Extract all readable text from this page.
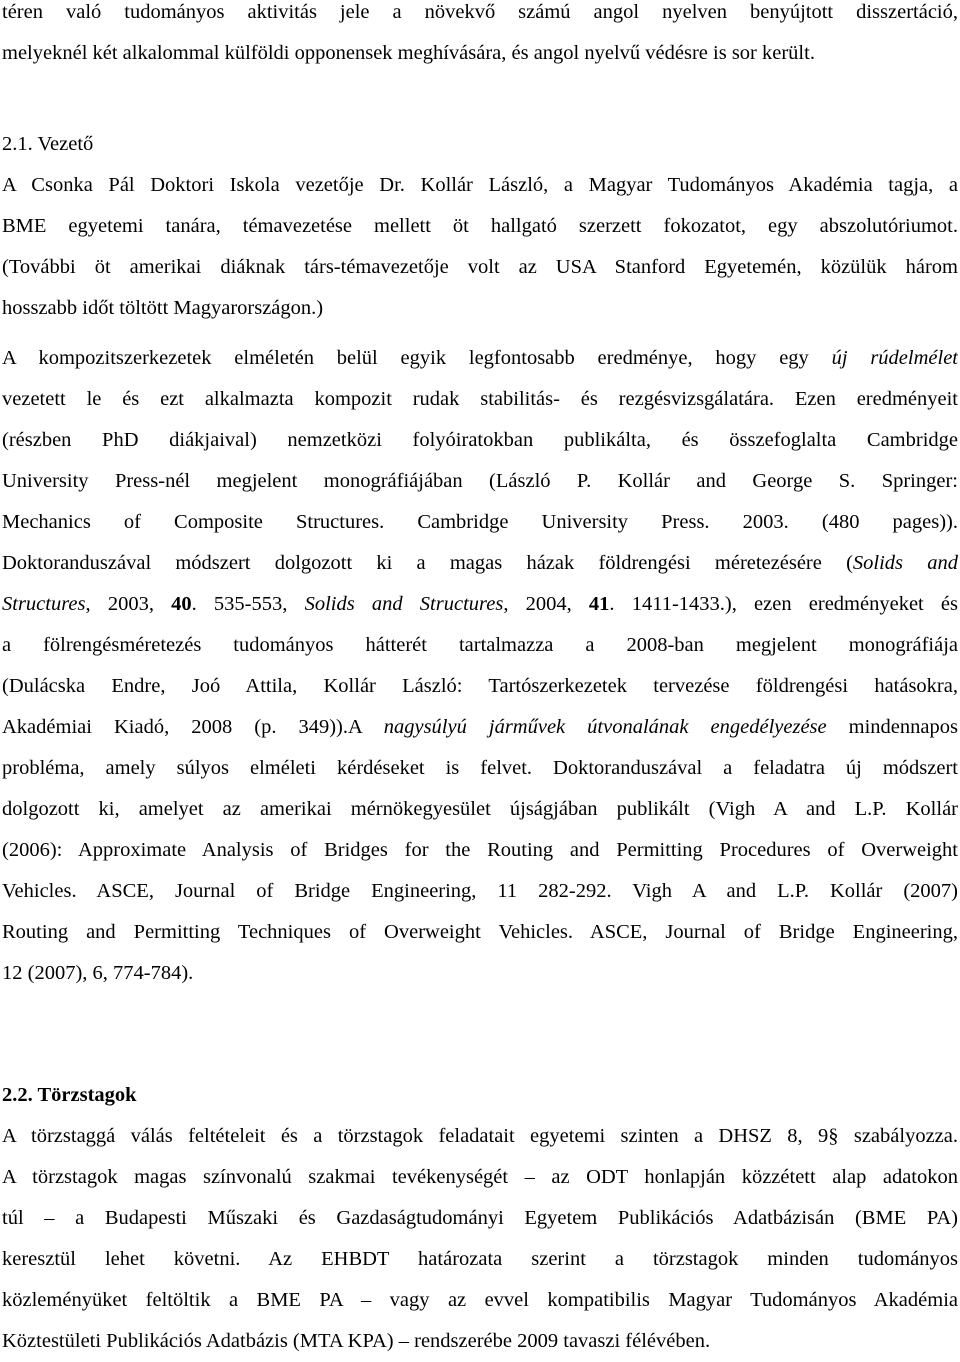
téren való tudományos aktivitás jele a növekvő számú angol nyelven benyújtott disszertáció,
melyeknél két alkalommal külföldi opponensek meghívására, és angol nyelvű védésre is sor került.

2.1. Vezető

A Csonka Pál Doktori Iskola vezetője Dr. Kollár László, a Magyar Tudományos Akadémia tagja, a
BME egyetemi tanára, témavezetése mellett öt hallgató szerzett fokozatot, egy abszolutóriumot.
(További öt amerikai diáknak társ-témavezetője volt az USA Stanford Egyetemén, közülük három
hosszabb időt töltött Magyarországon.)

A kompozitszerkezetek elméletén belül egyik legfontosabb eredménye, hogy egy új rúdelmélet
vezetett le és ezt alkalmazta kompozit rudak stabilitás- és rezgésvizsgálatára. Ezen eredményeit
(részben PhD diákjaival) nemzetközi folyóiratokban publikálta, és összefoglalta Cambridge
University Press-nél megjelent monográfiájában (László P. Kollár and George S. Springer:
Mechanics of Composite Structures. Cambridge University Press. 2003. (480 pages)).
Doktoranduszával módszert dolgozott ki a magas házak földrengési méretezésére (Solids and
Structures, 2003, 40. 535-553, Solids and Structures, 2004, 41. 1411-1433.), ezen eredményeket és
a fölrengésméretezés tudományos hátterét tartalmazza a 2008-ban megjelent monográfiája
(Dulácska Endre, Joó Attila, Kollár László: Tartószerkezetek tervezése földrengési hatásokra,
Akadémiai Kiadó, 2008 (p. 349)).A nagysúlyú járművek útvonalának engedélyezése mindennapos
probléma, amely súlyos elméleti kérdéseket is felvet. Doktoranduszával a feladatra új módszert
dolgozott ki, amelyet az amerikai mérnökegyesület újságjában publikált (Vigh A and L.P. Kollár
(2006): Approximate Analysis of Bridges for the Routing and Permitting Procedures of Overweight
Vehicles. ASCE, Journal of Bridge Engineering, 11 282-292. Vigh A and L.P. Kollár (2007)
Routing and Permitting Techniques of Overweight Vehicles. ASCE, Journal of Bridge Engineering,
12 (2007), 6, 774-784).

2.2. Törzstagok

A törzstaggá válás feltételeit és a törzstagok feladatait egyetemi szinten a DHSZ 8, 9§ szabályozza.
A törzstagok magas színvonalú szakmai tevékenységét – az ODT honlapján közzétett alap adatokon
túl – a Budapesti Műszaki és Gazdaságtudományi Egyetem Publikációs Adatbázisán (BME PA)
keresztül lehet követni. Az EHBDT határozata szerint a törzstagok minden tudományos
közleményüket feltöltik a BME PA – vagy az evvel kompatibilis Magyar Tudományos Akadémia
Köztestületi Publikációs Adatbázis (MTA KPA) – rendszerébe 2009 tavaszi félévében.
